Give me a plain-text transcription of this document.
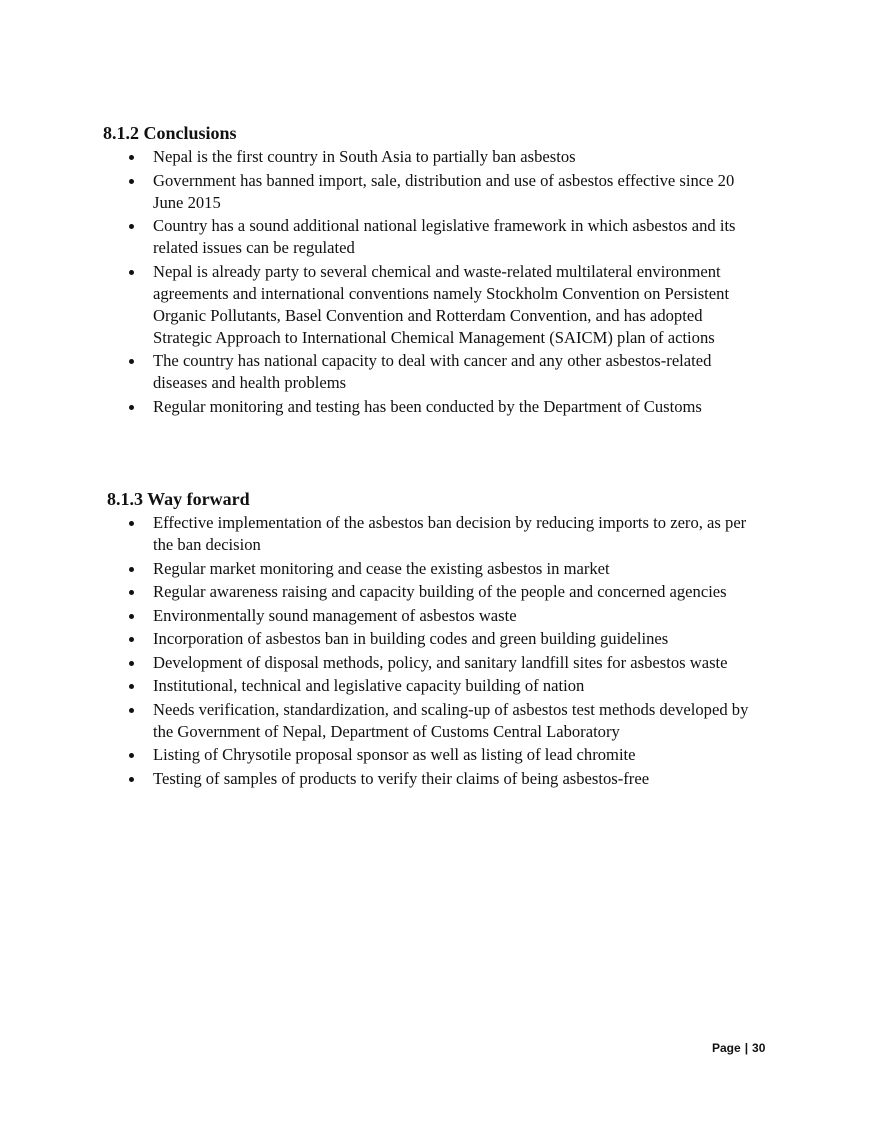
8.1.2 Conclusions
Nepal is the first country in South Asia to partially ban asbestos
Government has banned import, sale, distribution and use of asbestos effective since 20 June 2015
Country has a sound additional national legislative framework in which asbestos and its related issues can be regulated
Nepal is already party to several chemical and waste-related multilateral environment agreements and international conventions namely Stockholm Convention on Persistent Organic Pollutants, Basel Convention and Rotterdam Convention, and has adopted Strategic Approach to International Chemical Management (SAICM) plan of actions
The country has national capacity to deal with cancer and any other asbestos-related diseases and health problems
Regular monitoring and testing has been conducted by the Department of Customs
8.1.3 Way forward
Effective implementation of the asbestos ban decision by reducing imports to zero, as per the ban decision
Regular market monitoring and cease the existing asbestos in market
Regular awareness raising and capacity building of the people and concerned agencies
Environmentally sound management of asbestos waste
Incorporation of asbestos ban in building codes and green building guidelines
Development of disposal methods, policy, and sanitary landfill sites for asbestos waste
Institutional, technical and legislative capacity building of nation
Needs verification, standardization, and scaling-up of asbestos test methods developed by the Government of Nepal, Department of Customs Central Laboratory
Listing of Chrysotile proposal sponsor as well as listing of lead chromite
Testing of samples of products to verify their claims of being asbestos-free
Page | 30
